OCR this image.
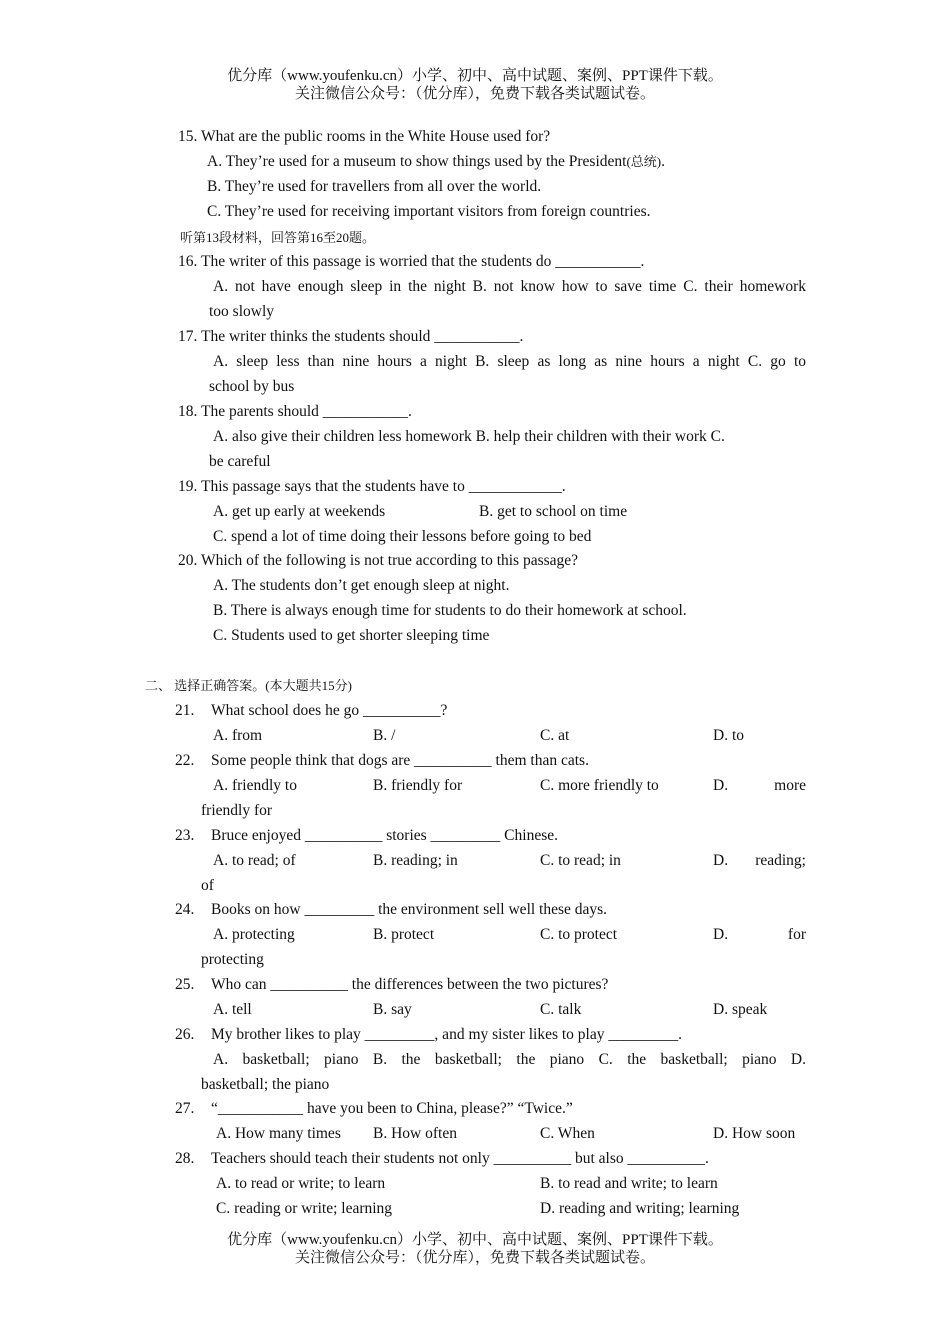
优分库（www.youfenku.cn）小学、初中、高中试题、案例、PPT课件下载。
关注微信公众号：（优分库），免费下载各类试题试卷。
15. What are the public rooms in the White House used for?
A. They’re used for a museum to show things used by the President(总统).
B. They’re used for travellers from all over the world.
C. They’re used for receiving important visitors from foreign countries.
听第13段材料，回答第16至20题。
16. The writer of this passage is worried that the students do ___________.
A. not have enough sleep in the night B. not know how to save time C. their homework
too slowly
17. The writer thinks the students should ___________.
A. sleep less than nine hours a night B. sleep as long as nine hours a night C. go to
school by bus
18. The parents should ___________.
A. also give their children less homework B. help their children with their work C.
be careful
19. This passage says that the students have to ____________.
A. get up early at weekends	B. get to school on time
C. spend a lot of time doing their lessons before going to bed
20. Which of the following is not true according to this passage?
A. The students don’t get enough sleep at night.
B. There is always enough time for students to do their homework at school.
C. Students used to get shorter sleeping time
二、 选择正确答案。(本大题共15分)
21. What school does he go __________?
A. from	B. /	C. at	D. to
22. Some people think that dogs are __________ them than cats.
A. friendly to	B. friendly for	C. more friendly to	D. more
friendly for
23. Bruce enjoyed __________ stories _________ Chinese.
A. to read; of	B. reading; in	C. to read; in	D. reading;
of
24. Books on how _________ the environment sell well these days.
A. protecting	B. protect	C. to protect	D. for
protecting
25. Who can __________ the differences between the two pictures?
A. tell	B. say	C. talk	D. speak
26. My brother likes to play _________, and my sister likes to play _________.
A. basketball; piano B. the basketball; the piano C. the basketball; piano D.
basketball; the piano
27. “___________ have you been to China, please?” “Twice.”
A. How many times B. How often	C. When	D. How soon
28. Teachers should teach their students not only __________ but also __________.
A. to read or write; to learn	B. to read and write; to learn
C. reading or write; learning	D. reading and writing; learning
优分库（www.youfenku.cn）小学、初中、高中试题、案例、PPT课件下载。
关注微信公众号：（优分库），免费下载各类试题试卷。
